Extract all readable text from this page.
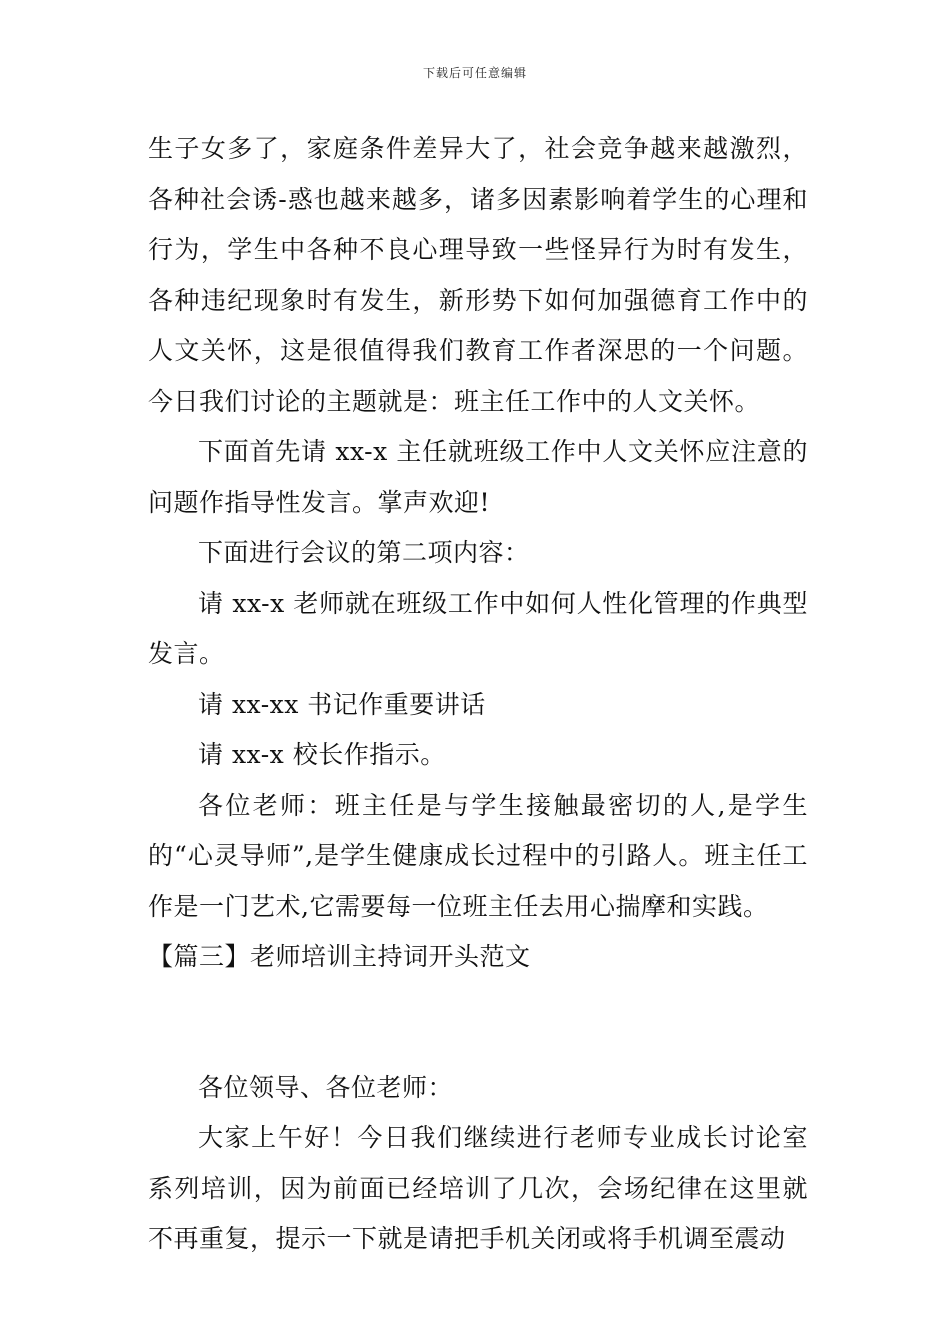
下载后可任意编辑

生子女多了，家庭条件差异大了，社会竞争越来越激烈，各种社会诱-惑也越来越多，诸多因素影响着学生的心理和行为，学生中各种不良心理导致一些怪异行为时有发生，各种违纪现象时有发生，新形势下如何加强德育工作中的人文关怀，这是很值得我们教育工作者深思的一个问题。今日我们讨论的主题就是：班主任工作中的人文关怀。

下面首先请 xx-x 主任就班级工作中人文关怀应注意的问题作指导性发言。掌声欢迎!

下面进行会议的第二项内容：

请 xx-x 老师就在班级工作中如何人性化管理的作典型发言。

请 xx-xx 书记作重要讲话

请 xx-x 校长作指示。

各位老师：班主任是与学生接触最密切的人,是学生的“心灵导师”,是学生健康成长过程中的引路人。班主任工作是一门艺术,它需要每一位班主任去用心揣摩和实践。

【篇三】老师培训主持词开头范文

各位领导、各位老师：

大家上午好！今日我们继续进行老师专业成长讨论室系列培训，因为前面已经培训了几次，会场纪律在这里就不再重复，提示一下就是请把手机关闭或将手机调至震动
